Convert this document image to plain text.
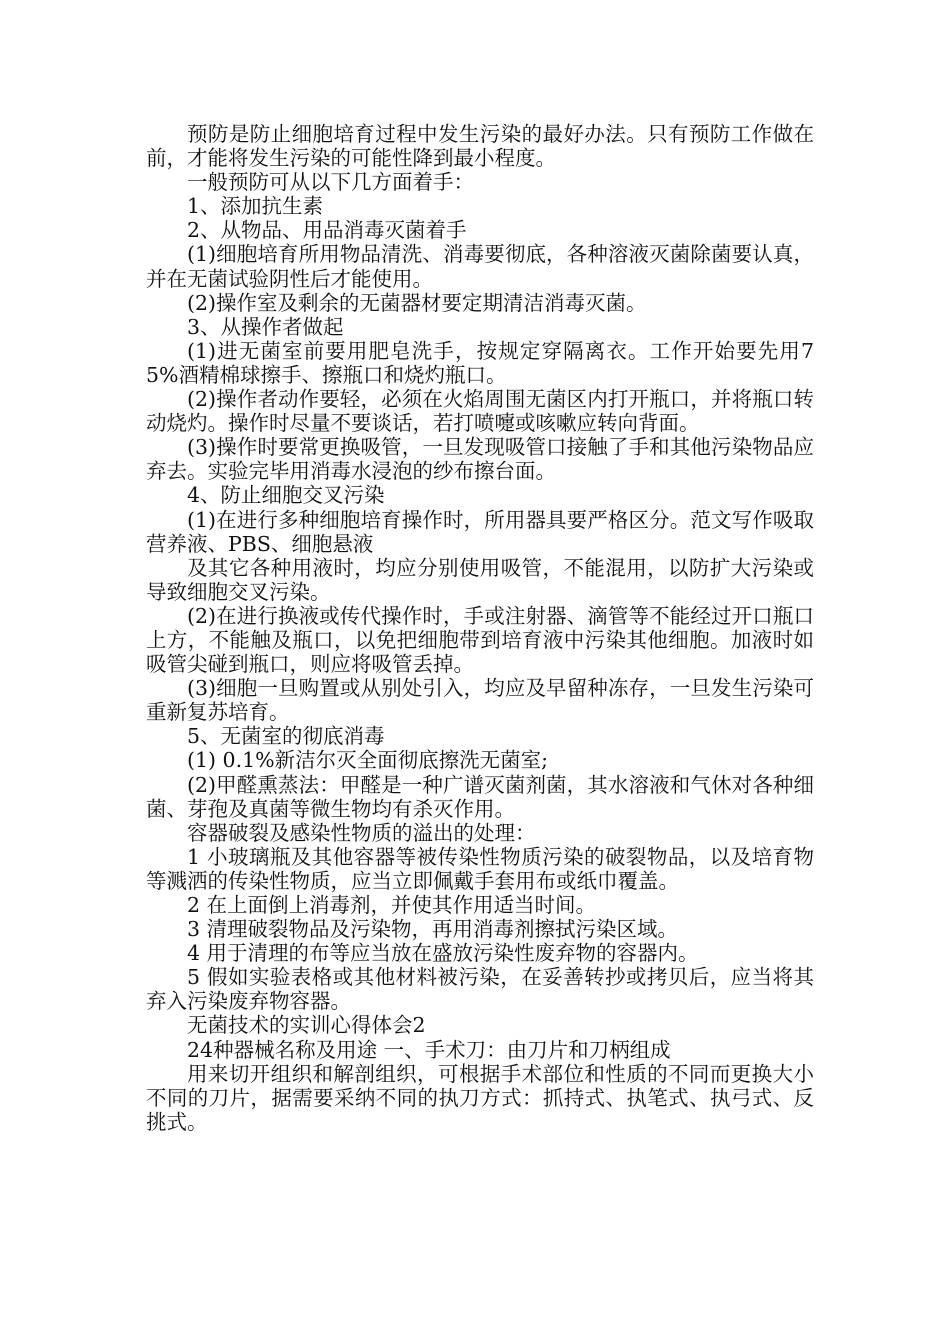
预防是防止细胞培育过程中发生污染的最好办法。只有预防工作做在前，才能将发生污染的可能性降到最小程度。

一般预防可从以下几方面着手：

1、添加抗生素

2、从物品、用品消毒灭菌着手

(1)细胞培育所用物品清洗、消毒要彻底，各种溶液灭菌除菌要认真，并在无菌试验阴性后才能使用。

(2)操作室及剩余的无菌器材要定期清洁消毒灭菌。

3、从操作者做起

(1)进无菌室前要用肥皂洗手，按规定穿隔离衣。工作开始要先用75%酒精棉球擦手、擦瓶口和烧灼瓶口。

(2)操作者动作要轻，必须在火焰周围无菌区内打开瓶口，并将瓶口转动烧灼。操作时尽量不要谈话，若打喷嚏或咳嗽应转向背面。

(3)操作时要常更换吸管，一旦发现吸管口接触了手和其他污染物品应弃去。实验完毕用消毒水浸泡的纱布擦台面。

4、防止细胞交叉污染

(1)在进行多种细胞培育操作时，所用器具要严格区分。范文写作吸取营养液、PBS、细胞悬液

及其它各种用液时，均应分别使用吸管，不能混用，以防扩大污染或导致细胞交叉污染。

(2)在进行换液或传代操作时，手或注射器、滴管等不能经过开口瓶口上方，不能触及瓶口，以免把细胞带到培育液中污染其他细胞。加液时如吸管尖碰到瓶口，则应将吸管丢掉。

(3)细胞一旦购置或从别处引入，均应及早留种冻存，一旦发生污染可重新复苏培育。

5、无菌室的彻底消毒

(1) 0.1%新洁尔灭全面彻底擦洗无菌室;

(2)甲醛熏蒸法：甲醛是一种广谱灭菌剂菌，其水溶液和气休对各种细菌、芽孢及真菌等微生物均有杀灭作用。

容器破裂及感染性物质的溢出的处理：

1 小玻璃瓶及其他容器等被传染性物质污染的破裂物品，以及培育物等溅洒的传染性物质，应当立即佩戴手套用布或纸巾覆盖。

2 在上面倒上消毒剂，并使其作用适当时间。

3 清理破裂物品及污染物，再用消毒剂擦拭污染区域。

4 用于清理的布等应当放在盛放污染性废弃物的容器内。

5 假如实验表格或其他材料被污染，在妥善转抄或拷贝后，应当将其弃入污染废弃物容器。

无菌技术的实训心得体会2

24种器械名称及用途 一、手术刀：由刀片和刀柄组成

用来切开组织和解剖组织，可根据手术部位和性质的不同而更换大小不同的刀片，据需要采纳不同的执刀方式：抓持式、执笔式、执弓式、反挑式。
